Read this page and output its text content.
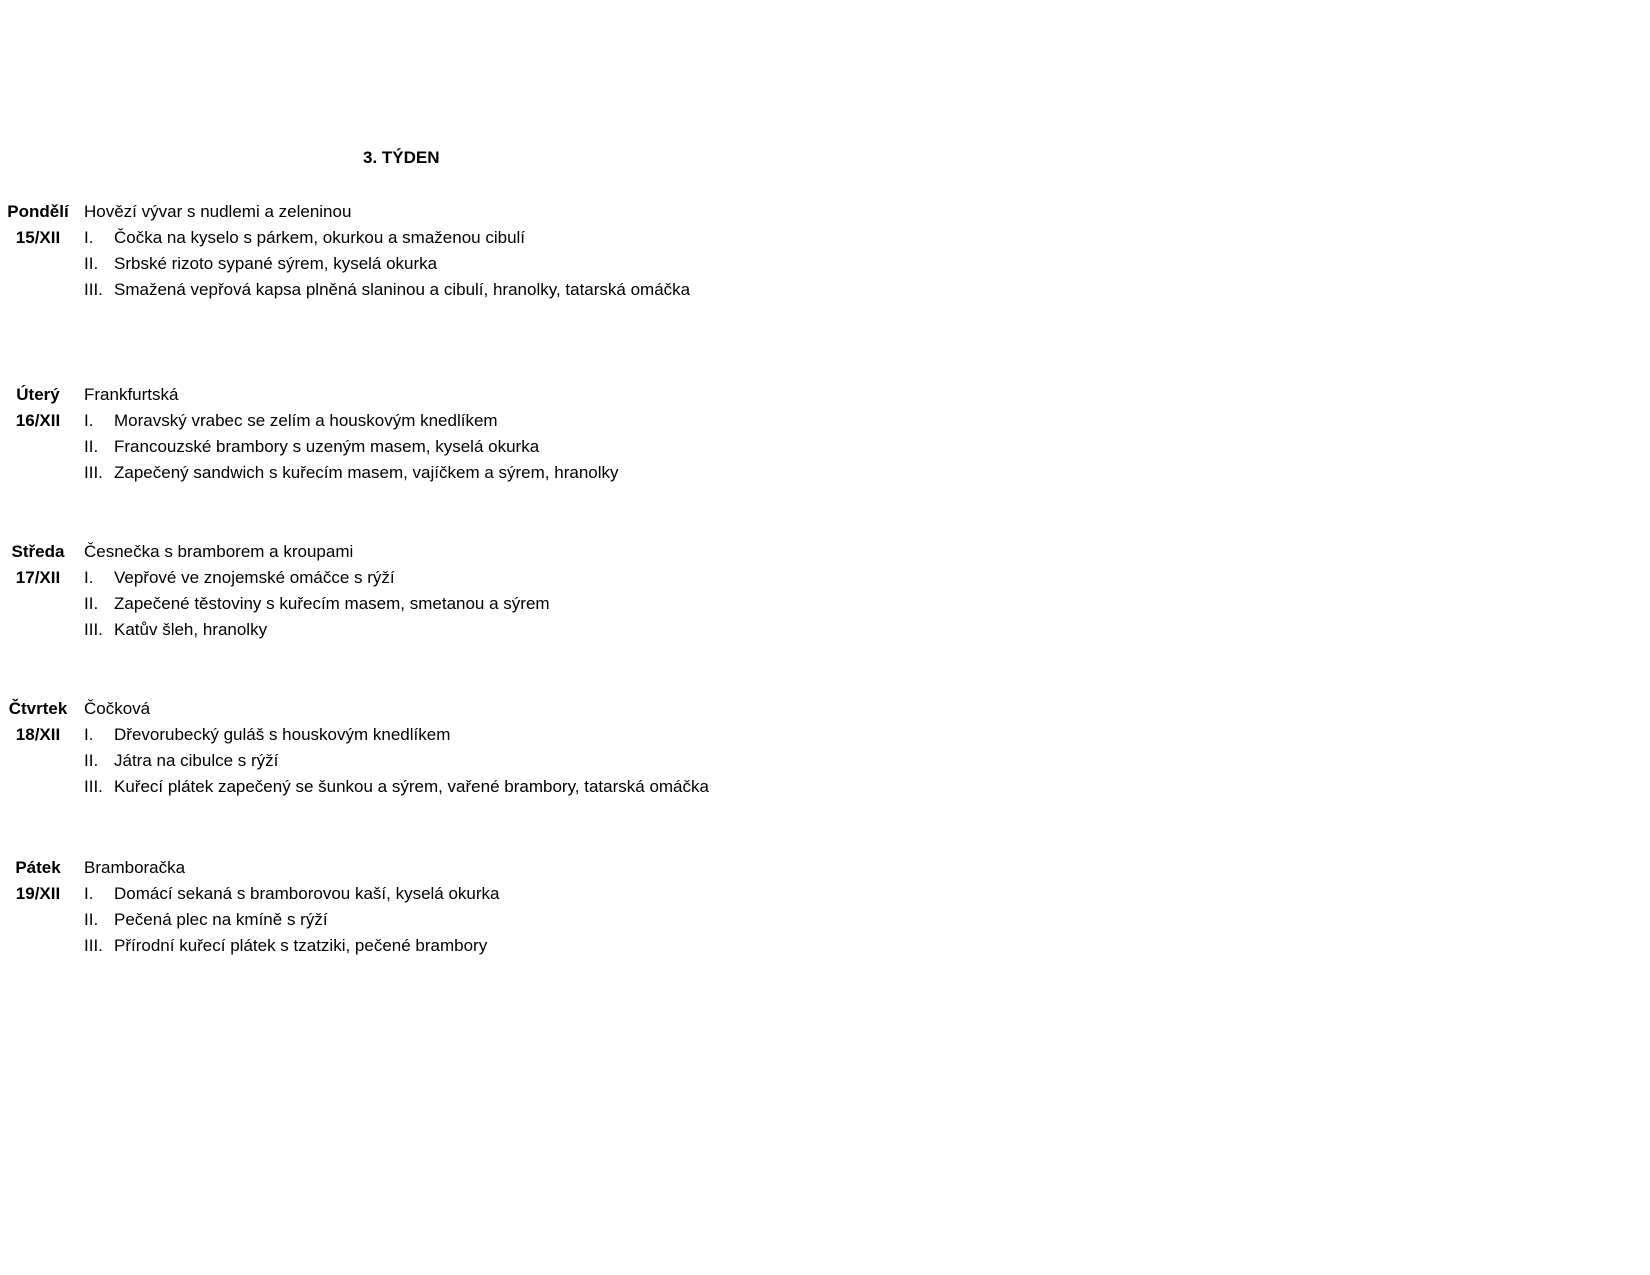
3. TÝDEN
Pondělí
15/XII
Hovězí vývar s nudlemi a zeleninou
I.	Čočka na kyselo s párkem, okurkou a smaženou cibulí
II. Srbské rizoto sypané sýrem, kyselá okurka
III. Smažená vepřová kapsa plněná slaninou a cibulí, hranolky, tatarská omáčka
Úterý
16/XII
Frankfurtská
I.	Moravský vrabec se zelím a houskovým knedlíkem
II. Francouzské brambory s uzeným masem, kyselá okurka
III. Zapečený sandwich s kuřecím masem, vajíčkem a sýrem, hranolky
Středa
17/XII
Česnečka s bramborem a kroupami
I.	Vepřové ve znojemské omáčce s rýží
II. Zapečené těstoviny s kuřecím masem, smetanou a sýrem
III. Katův šleh, hranolky
Čtvrtek
18/XII
Čočková
I.	Dřevorubecký guláš s houskovým knedlíkem
II. Játra na cibulce s rýží
III. Kuřecí plátek zapečený se šunkou a sýrem, vařené brambory, tatarská omáčka
Pátek
19/XII
Bramboračka
I.	Domácí sekaná s bramborovou kaší, kyselá okurka
II. Pečená plec na kmíně s rýží
III. Přírodní kuřecí plátek s tzatziki, pečené brambory
